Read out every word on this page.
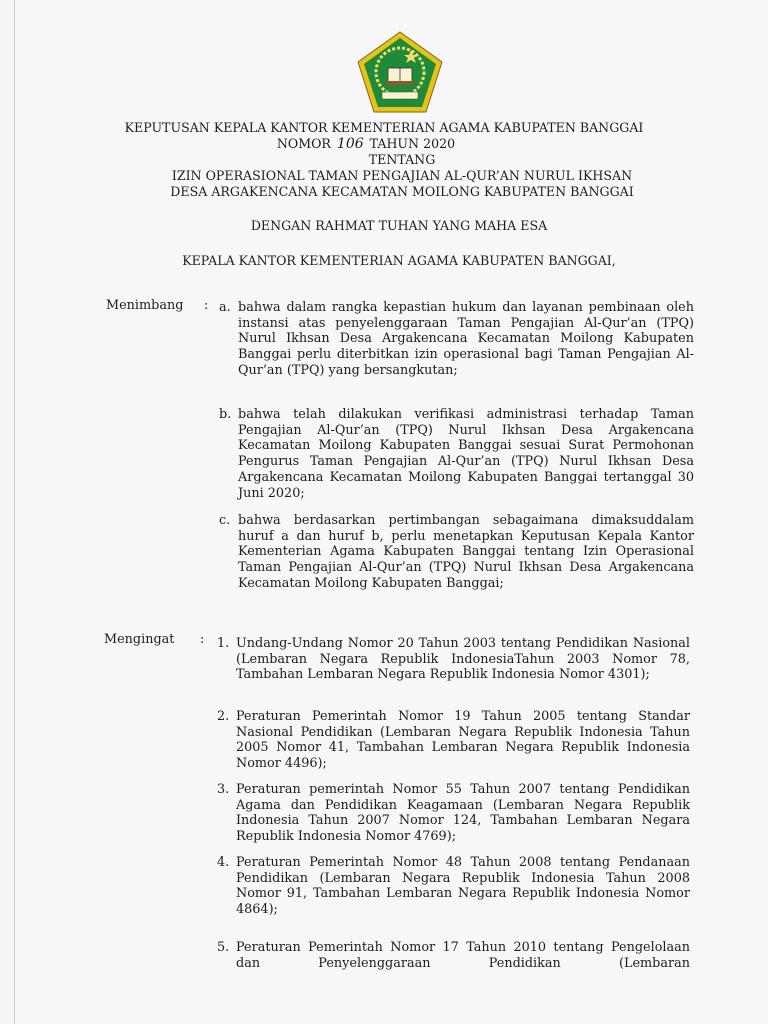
KEPUTUSAN KEPALA KANTOR KEMENTERIAN AGAMA KABUPATEN BANGGAI
NOMOR 106 TAHUN 2020
TENTANG
IZIN OPERASIONAL TAMAN PENGAJIAN AL-QUR’AN NURUL IKHSAN
DESA ARGAKENCANA KECAMATAN MOILONG KABUPATEN BANGGAI
DENGAN RAHMAT TUHAN YANG MAHA ESA
KEPALA KANTOR KEMENTERIAN AGAMA KABUPATEN BANGGAI,
Menimbang : a. bahwa dalam rangka kepastian hukum dan layanan pembinaan oleh instansi atas penyelenggaraan Taman Pengajian Al-Qur’an (TPQ) Nurul Ikhsan Desa Argakencana Kecamatan Moilong Kabupaten Banggai perlu diterbitkan izin operasional bagi Taman Pengajian Al-Qur’an (TPQ) yang bersangkutan;
b. bahwa telah dilakukan verifikasi administrasi terhadap Taman Pengajian Al-Qur’an (TPQ) Nurul Ikhsan Desa Argakencana Kecamatan Moilong Kabupaten Banggai sesuai Surat Permohonan Pengurus Taman Pengajian Al-Qur’an (TPQ) Nurul Ikhsan Desa Argakencana Kecamatan Moilong Kabupaten Banggai tertanggal 30 Juni 2020;
c. bahwa berdasarkan pertimbangan sebagaimana dimaksuddalam huruf a dan huruf b, perlu menetapkan Keputusan Kepala Kantor Kementerian Agama Kabupaten Banggai tentang Izin Operasional Taman Pengajian Al-Qur’an (TPQ) Nurul Ikhsan Desa Argakencana Kecamatan Moilong Kabupaten Banggai;
Mengingat : 1. Undang-Undang Nomor 20 Tahun 2003 tentang Pendidikan Nasional (Lembaran Negara Republik IndonesiaTahun 2003 Nomor 78, Tambahan Lembaran Negara Republik Indonesia Nomor 4301);
2. Peraturan Pemerintah Nomor 19 Tahun 2005 tentang Standar Nasional Pendidikan (Lembaran Negara Republik Indonesia Tahun 2005 Nomor 41, Tambahan Lembaran Negara Republik Indonesia Nomor 4496);
3. Peraturan pemerintah Nomor 55 Tahun 2007 tentang Pendidikan Agama dan Pendidikan Keagamaan (Lembaran Negara Republik Indonesia Tahun 2007 Nomor 124, Tambahan Lembaran Negara Republik Indonesia Nomor 4769);
4. Peraturan Pemerintah Nomor 48 Tahun 2008 tentang Pendanaan Pendidikan (Lembaran Negara Republik Indonesia Tahun 2008 Nomor 91, Tambahan Lembaran Negara Republik Indonesia Nomor 4864);
5. Peraturan Pemerintah Nomor 17 Tahun 2010 tentang Pengelolaan dan Penyelenggaraan Pendidikan (Lembaran
